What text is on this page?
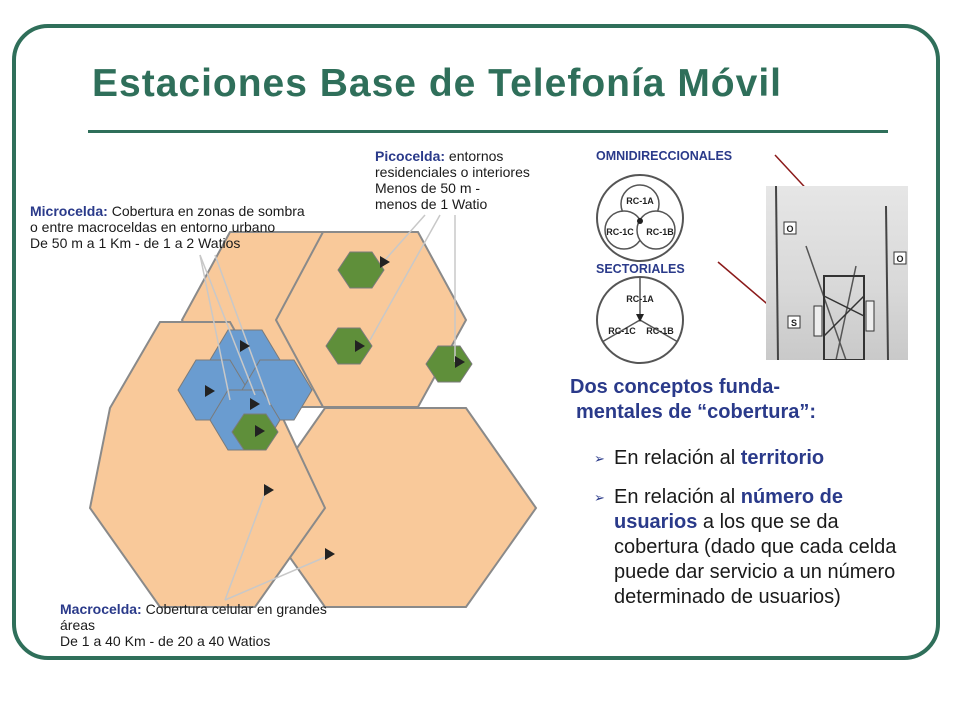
Estaciones Base de Telefonía Móvil
RC-1A
RC-1C RC-1B
RC-1A
RC-1C RC-1B
Picocelda: entornos
residenciales o interiores
Menos de 50 m -
menos de 1 Watio
Microcelda: Cobertura en zonas de sombra
o entre macroceldas en entorno urbano
De 50 m a 1 Km - de 1 a 2 Watios
Macrocelda: Cobertura celular en grandes
áreas
De 1 a 40 Km - de 20 a 40 Watios
OMNIDIRECCIONALES
SECTORIALES
O
O
S
Dos conceptos funda-
mentales de “cobertura”:
➢ En relación al territorio
➢ En relación al número de usuarios a los que se da cobertura (dado que cada celda puede dar servicio a un número determinado de usuarios)
